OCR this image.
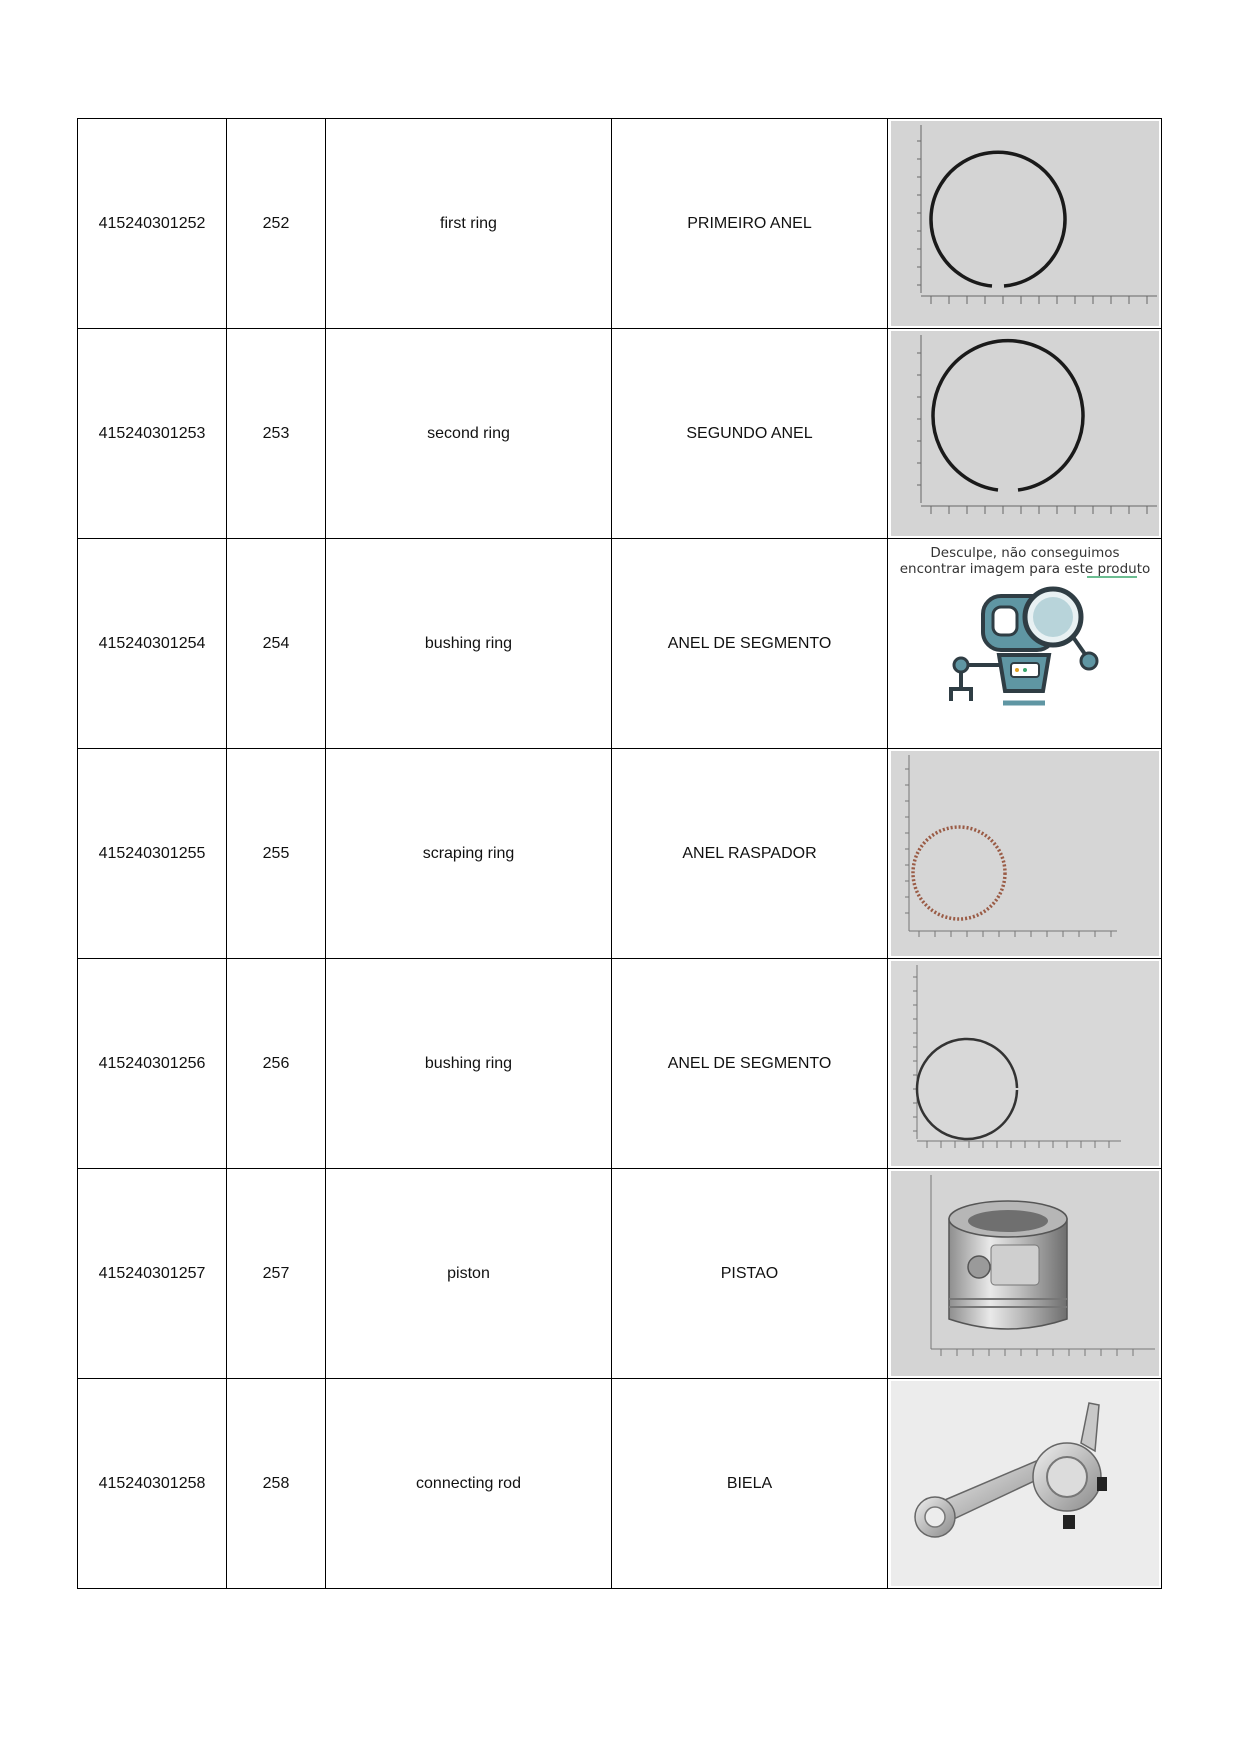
415240301252	252	first ring	PRIMEIRO ANEL	

415240301253	253	second ring	SEGUNDO ANEL	

415240301254	254	bushing ring	ANEL DE SEGMENTO	Desculpe, não conseguimos
encontrar imagem para este produto

415240301255	255	scraping ring	ANEL RASPADOR	

415240301256	256	bushing ring	ANEL DE SEGMENTO	

415240301257	257	piston	PISTAO	

415240301258	258	connecting rod	BIELA	
